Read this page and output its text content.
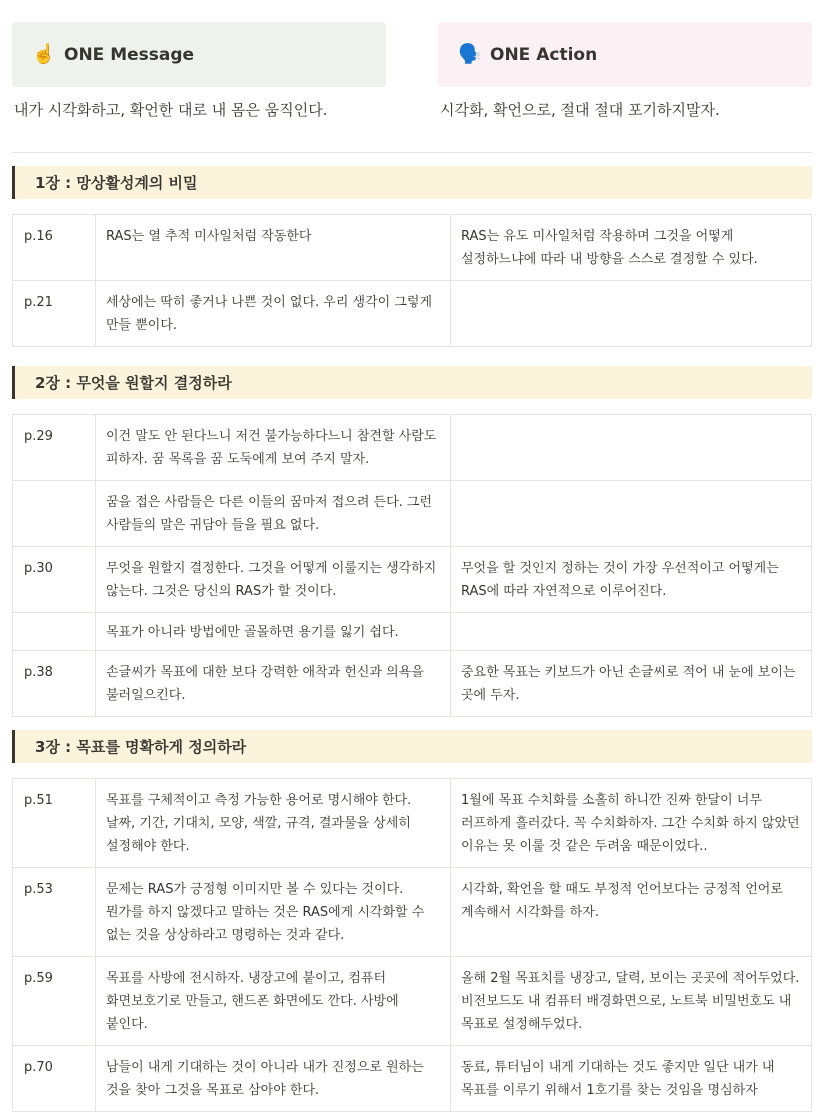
☝️ ONE Message	🗣️ ONE Action
내가 시각화하고, 확언한 대로 내 몸은 움직인다.	시각화, 확언으로, 절대 절대 포기하지말자.
1장 : 망상활성계의 비밀
p.16	RAS는 열 추적 미사일처럼 작동한다	RAS는 유도 미사일처럼 작용하며 그것을 어떻게 설정하느냐에 따라 내 방향을 스스로 결정할 수 있다.
p.21	세상에는 딱히 좋거나 나쁜 것이 없다. 우리 생각이 그렇게 만들 뿐이다.	
2장 : 무엇을 원할지 결정하라
p.29	이건 말도 안 된다느니 저건 불가능하다느니 참견할 사람도 피하자. 꿈 목록을 꿈 도둑에게 보여 주지 말자.	
	꿈을 접은 사람들은 다른 이들의 꿈마저 접으려 든다. 그런 사람들의 말은 귀담아 들을 필요 없다.	
p.30	무엇을 원할지 결정한다. 그것을 어떻게 이룰지는 생각하지 않는다. 그것은 당신의 RAS가 할 것이다.	무엇을 할 것인지 정하는 것이 가장 우선적이고 어떻게는 RAS에 따라 자연적으로 이루어진다.
	목표가 아니라 방법에만 골몰하면 용기를 잃기 쉽다.	
p.38	손글씨가 목표에 대한 보다 강력한 애착과 헌신과 의욕을 불러일으킨다.	중요한 목표는 키보드가 아닌 손글씨로 적어 내 눈에 보이는 곳에 두자.
3장 : 목표를 명확하게 정의하라
p.51	목표를 구체적이고 측정 가능한 용어로 명시해야 한다. 날짜, 기간, 기대치, 모양, 색깔, 규격, 결과물을 상세히 설정해야 한다.	1월에 목표 수치화를 소홀히 하니깐 진짜 한달이 너무 러프하게 흘러갔다. 꼭 수치화하자. 그간 수치화 하지 않았던 이유는 못 이룰 것 같은 두려움 때문이었다..
p.53	문제는 RAS가 긍정형 이미지만 볼 수 있다는 것이다. 뭔가를 하지 않겠다고 말하는 것은 RAS에게 시각화할 수 없는 것을 상상하라고 명령하는 것과 같다.	시각화, 확언을 할 때도 부정적 언어보다는 긍정적 언어로 계속해서 시각화를 하자.
p.59	목표를 사방에 전시하자. 냉장고에 붙이고, 컴퓨터 화면보호기로 만들고, 핸드폰 화면에도 깐다. 사방에 붙인다.	올해 2월 목표치를 냉장고, 달력, 보이는 곳곳에 적어두었다. 비전보드도 내 컴퓨터 배경화면으로, 노트북 비밀번호도 내 목표로 설정해두었다.
p.70	남들이 내게 기대하는 것이 아니라 내가 진정으로 원하는 것을 찾아 그것을 목표로 삼아야 한다.	동료, 튜터님이 내게 기대하는 것도 좋지만 일단 내가 내 목표를 이루기 위해서 1호기를 찾는 것임을 명심하자
